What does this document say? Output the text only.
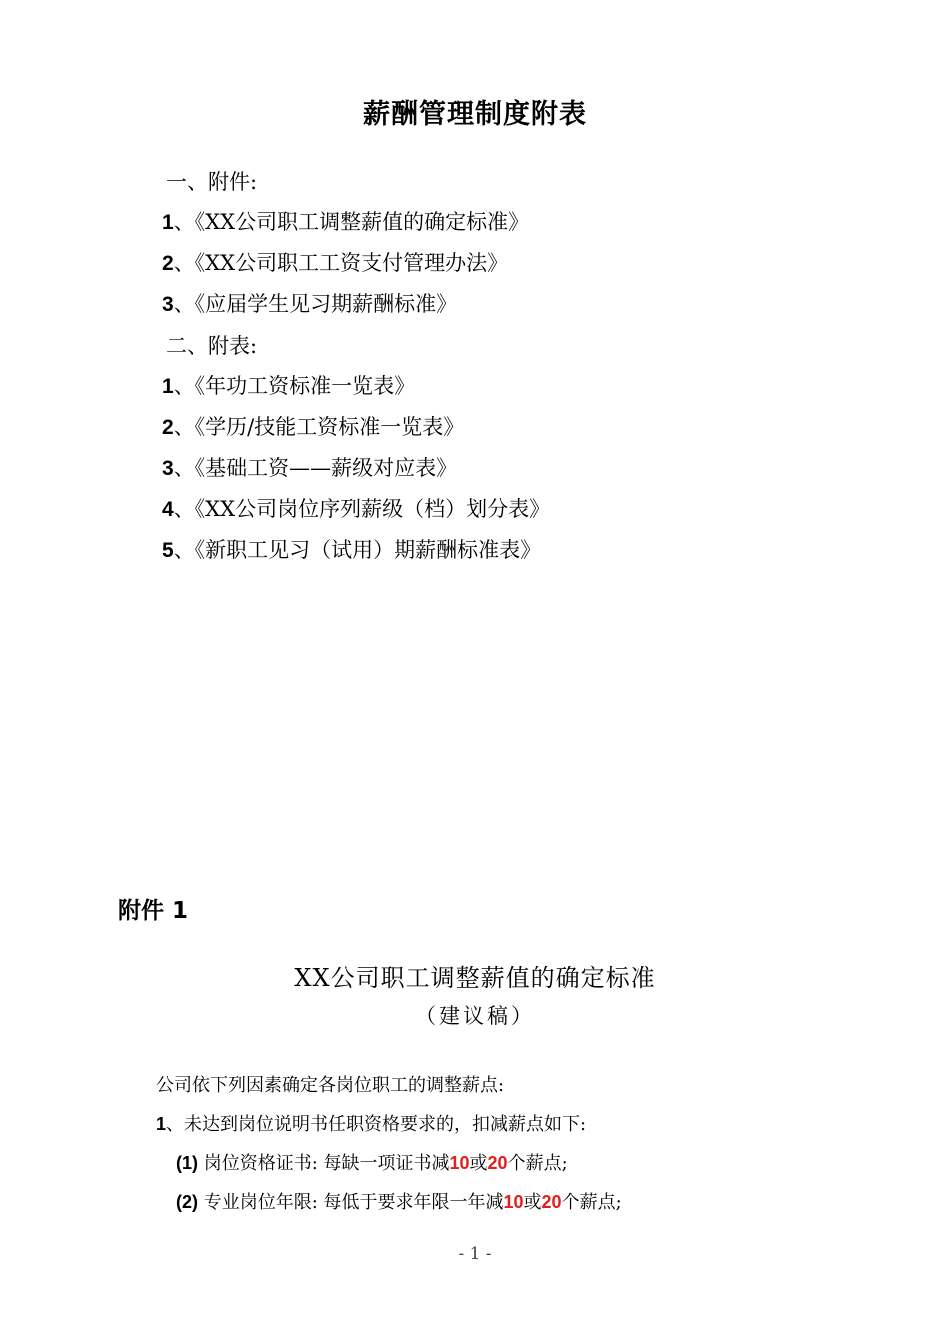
薪酬管理制度附表
一、附件:
1、《XX公司职工调整薪值的确定标准》
2、《XX公司职工工资支付管理办法》
3、《应届学生见习期薪酬标准》
二、附表:
1、《年功工资标准一览表》
2、《学历/技能工资标准一览表》
3、《基础工资——薪级对应表》
4、《XX公司岗位序列薪级（档）划分表》
5、《新职工见习（试用）期薪酬标准表》
附件 1
XX公司职工调整薪值的确定标准
（建议稿）
公司依下列因素确定各岗位职工的调整薪点:
1、未达到岗位说明书任职资格要求的，扣减薪点如下:
(1) 岗位资格证书: 每缺一项证书减10或20个薪点;
(2) 专业岗位年限: 每低于要求年限一年减10或20个薪点;
- 1 -
